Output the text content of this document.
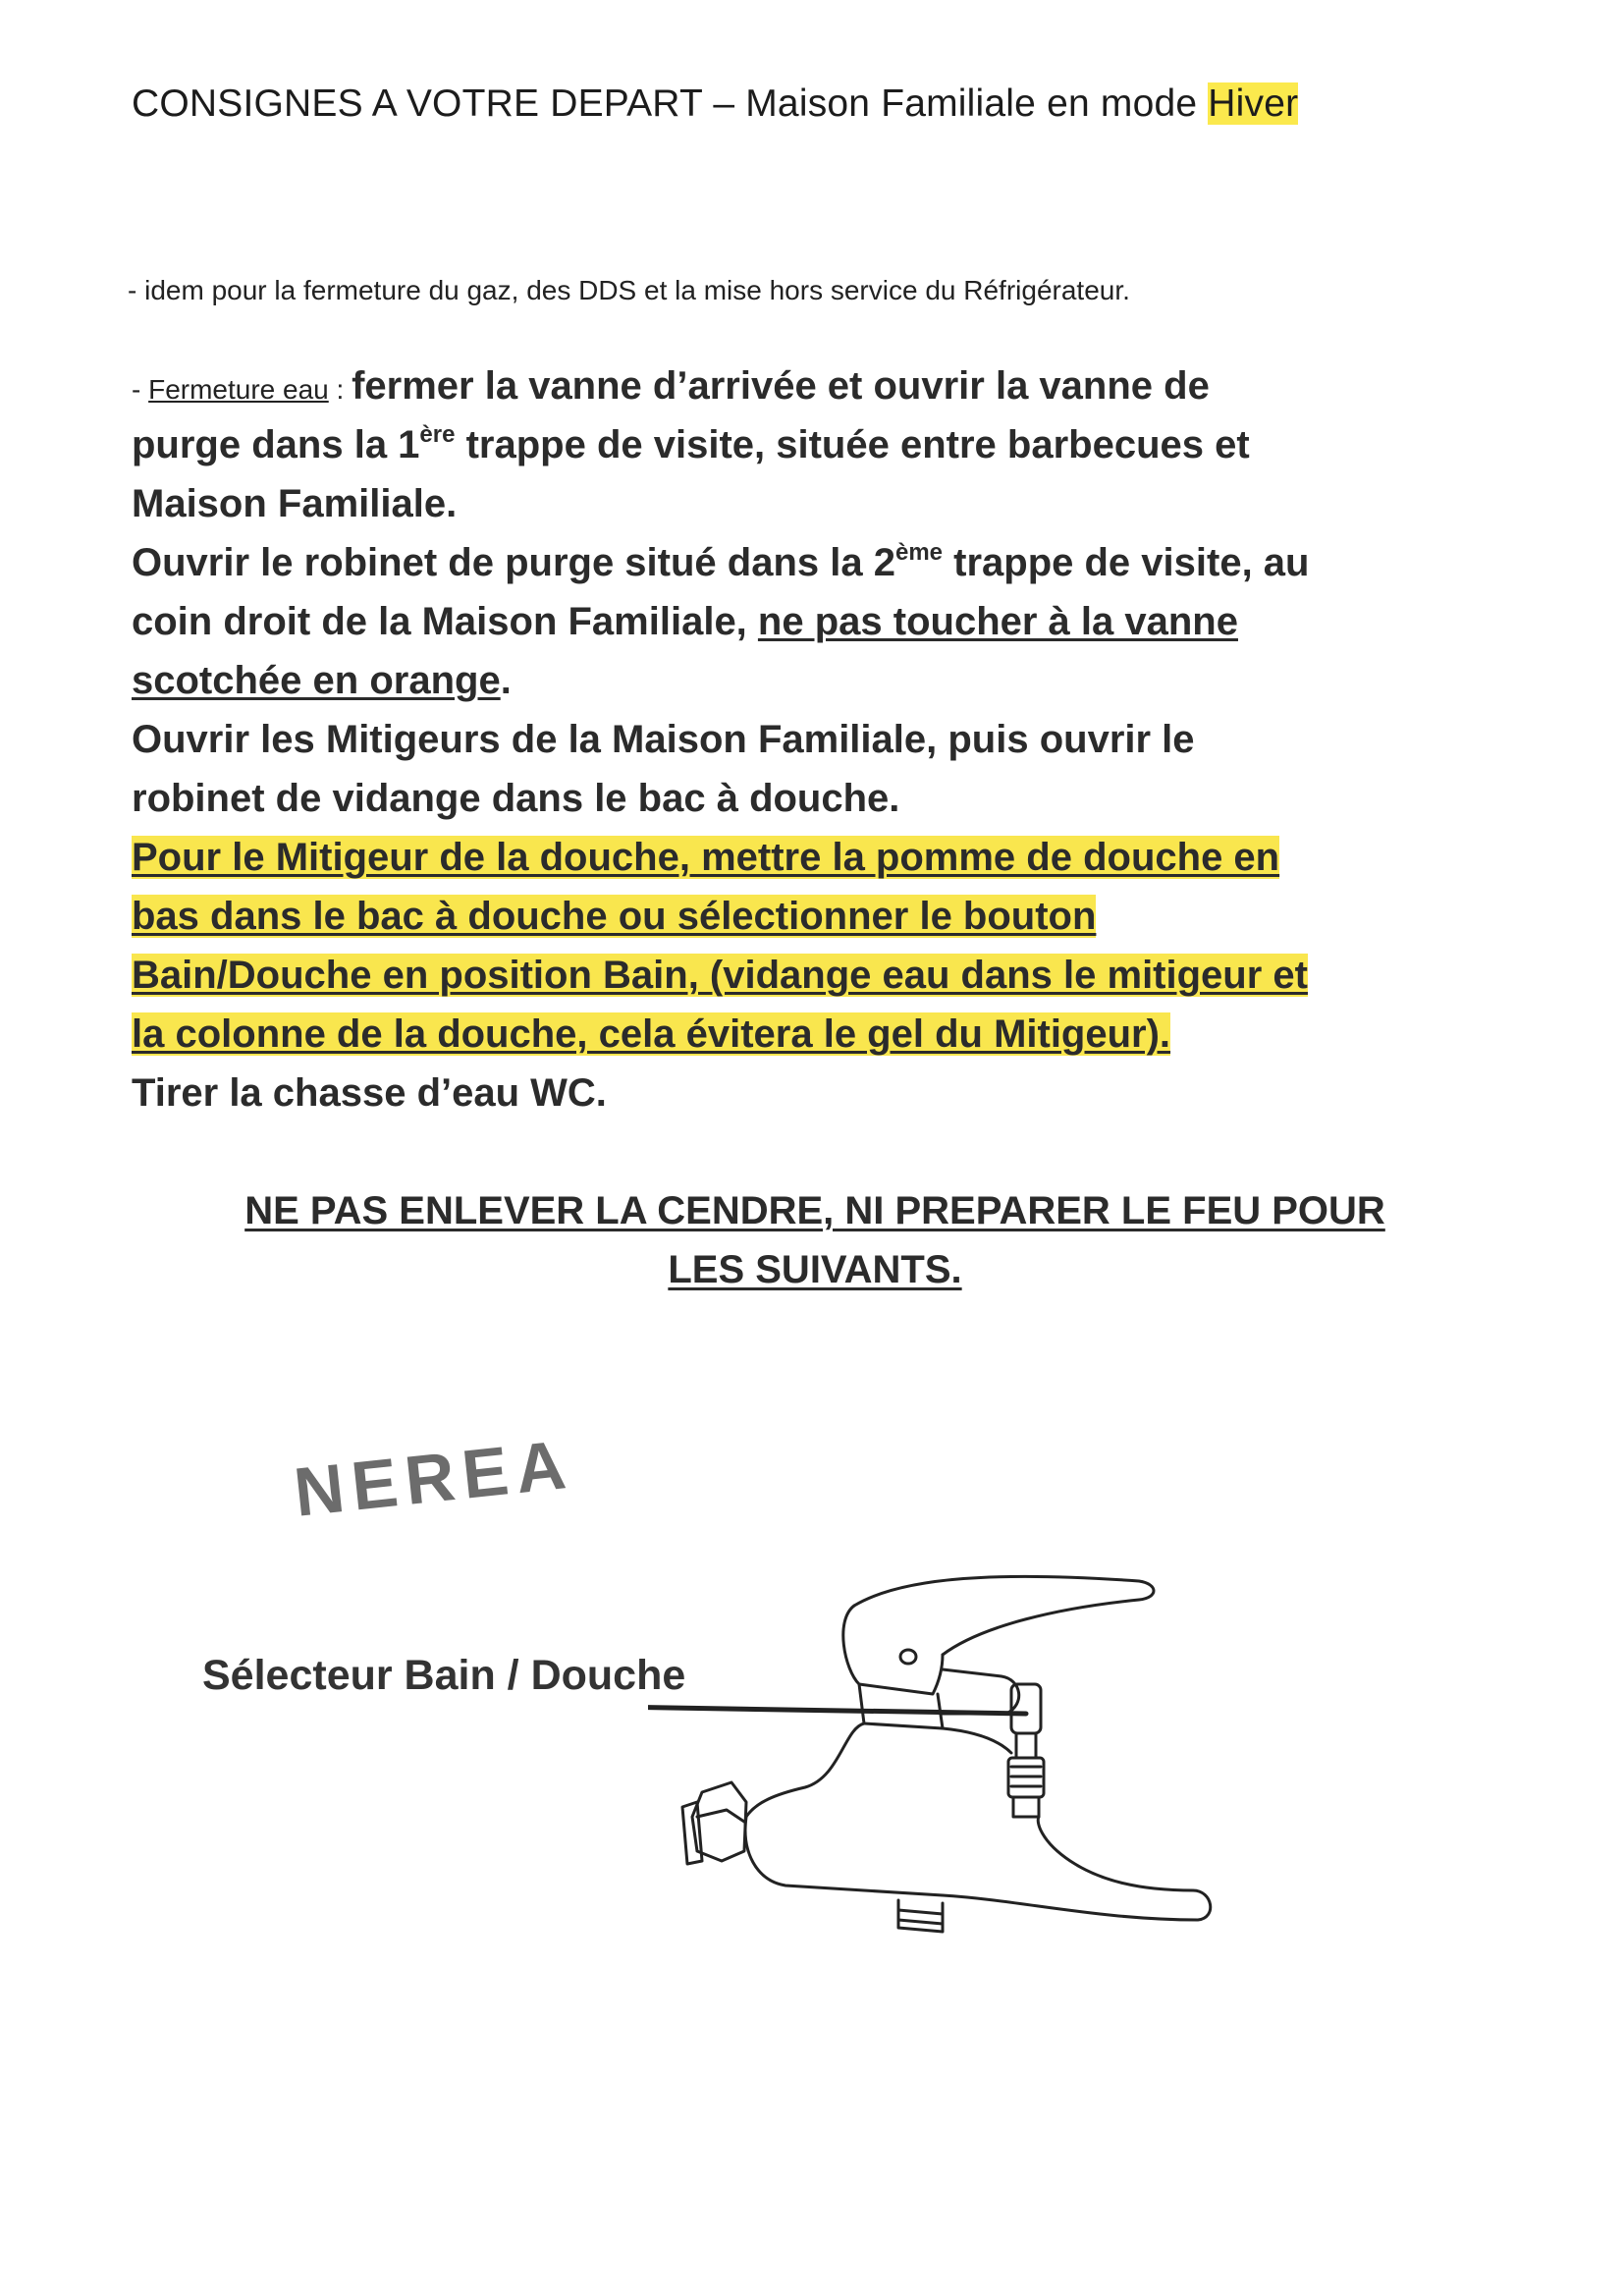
CONSIGNES A VOTRE DEPART – Maison Familiale en mode Hiver
- idem pour la fermeture du gaz, des DDS et la mise hors service du Réfrigérateur.
- Fermeture eau : fermer la vanne d’arrivée et ouvrir la vanne de
purge dans la 1ère trappe de visite, située entre barbecues et
Maison Familiale.
Ouvrir le robinet de purge situé dans la 2ème trappe de visite, au
coin droit de la Maison Familiale, ne pas toucher à la vanne
scotchée en orange.
Ouvrir les Mitigeurs de la Maison Familiale, puis ouvrir le
robinet de vidange dans le bac à douche.
Pour le Mitigeur de la douche, mettre la pomme de douche en
bas dans le bac à douche ou sélectionner le bouton
Bain/Douche en position Bain, (vidange eau dans le mitigeur et
la colonne de la douche, cela évitera le gel du Mitigeur).
Tirer la chasse d’eau WC.
NE PAS ENLEVER LA CENDRE, NI PREPARER LE FEU POUR
LES SUIVANTS.
NEREA
Sélecteur Bain / Douche
